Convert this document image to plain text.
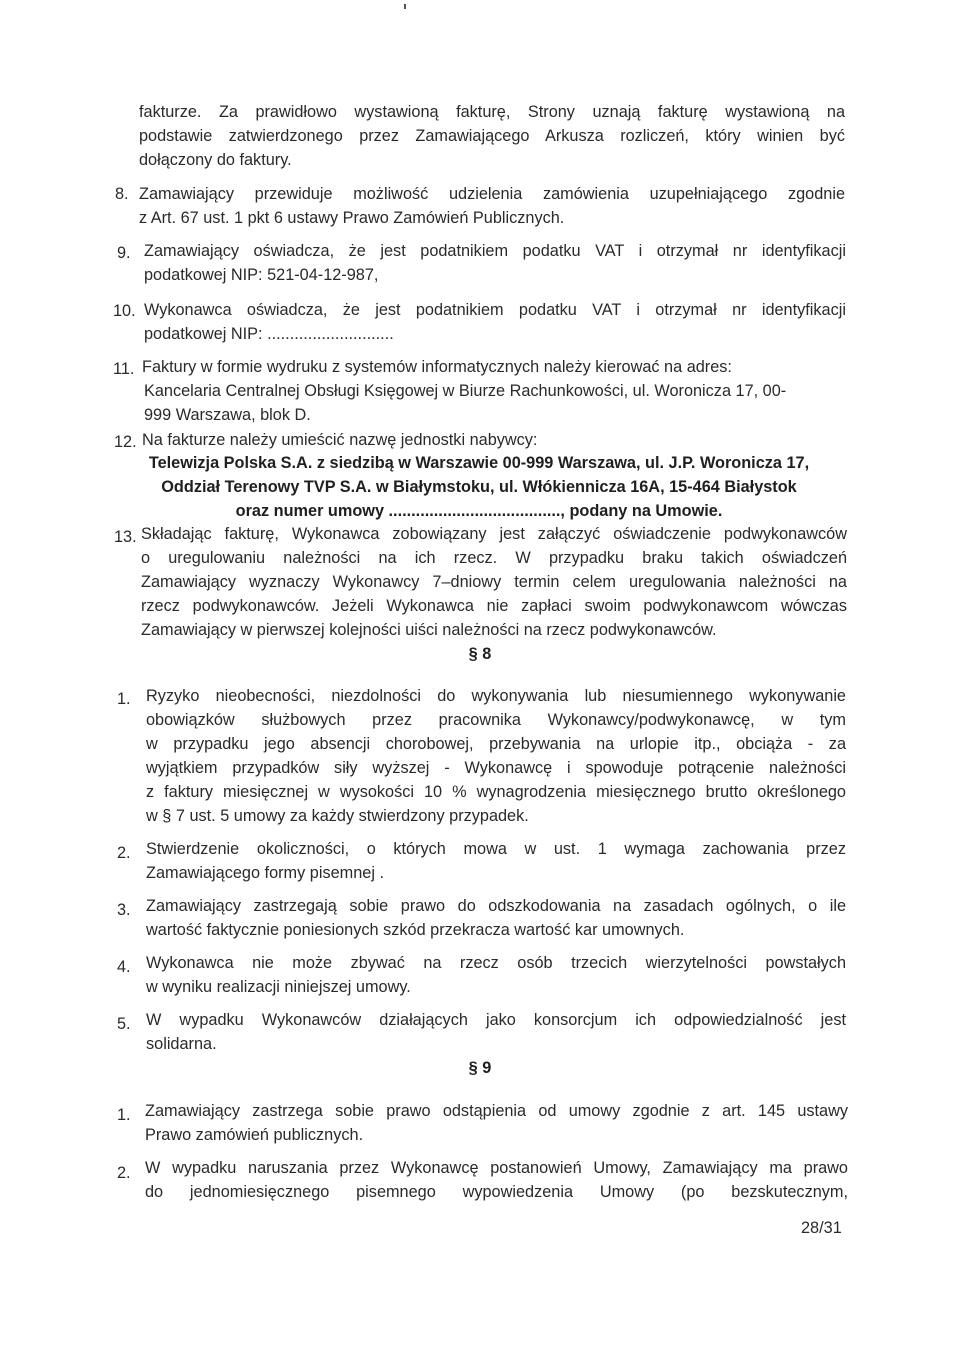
fakturze. Za prawidłowo wystawioną fakturę, Strony uznają fakturę wystawioną na
podstawie zatwierdzonego przez Zamawiającego Arkusza rozliczeń, który winien być
dołączony do faktury.
8. Zamawiający przewiduje możliwość udzielenia zamówienia uzupełniającego zgodnie
z Art. 67 ust. 1 pkt 6 ustawy Prawo Zamówień Publicznych.
9. Zamawiający oświadcza, że jest podatnikiem podatku VAT i otrzymał nr identyfikacji
podatkowej NIP: 521-04-12-987,
10. Wykonawca oświadcza, że jest podatnikiem podatku VAT i otrzymał nr identyfikacji
podatkowej NIP: ............................
11. Faktury w formie wydruku z systemów informatycznych należy kierować na adres:
Kancelaria Centralnej Obsługi Księgowej w Biurze Rachunkowości, ul. Woronicza 17, 00-
999 Warszawa, blok D.
12. Na fakturze należy umieścić nazwę jednostki nabywcy:
Telewizja Polska S.A. z siedzibą w Warszawie 00-999 Warszawa, ul. J.P. Woronicza 17,
Oddział Terenowy TVP S.A. w Białymstoku, ul. Włókiennicza 16A, 15-464 Białystok
oraz numer umowy ......................................, podany na Umowie.
13. Składając fakturę, Wykonawca zobowiązany jest załączyć oświadczenie podwykonawców
o uregulowaniu należności na ich rzecz. W przypadku braku takich oświadczeń
Zamawiający wyznaczy Wykonawcy 7–dniowy termin celem uregulowania należności na
rzecz podwykonawców. Jeżeli Wykonawca nie zapłaci swoim podwykonawcom wówczas
Zamawiający w pierwszej kolejności uiści należności na rzecz podwykonawców.
§ 8
1. Ryzyko nieobecności, niezdolności do wykonywania lub niesumiennego wykonywanie
obowiązków służbowych przez pracownika Wykonawcy/podwykonawcę, w tym
w przypadku jego absencji chorobowej, przebywania na urlopie itp., obciąża - za
wyjątkiem przypadków siły wyższej - Wykonawcę i spowoduje potrącenie należności
z faktury miesięcznej w wysokości 10 % wynagrodzenia miesięcznego brutto określonego
w § 7 ust. 5 umowy za każdy stwierdzony przypadek.
2. Stwierdzenie okoliczności, o których mowa w ust. 1 wymaga zachowania przez
Zamawiającego formy pisemnej .
3. Zamawiający zastrzegają sobie prawo do odszkodowania na zasadach ogólnych, o ile
wartość faktycznie poniesionych szkód przekracza wartość kar umownych.
4. Wykonawca nie może zbywać na rzecz osób trzecich wierzytelności powstałych
w wyniku realizacji niniejszej umowy.
5. W wypadku Wykonawców działających jako konsorcjum ich odpowiedzialność jest
solidarna.
§ 9
1. Zamawiający zastrzega sobie prawo odstąpienia od umowy zgodnie z art. 145 ustawy
Prawo zamówień publicznych.
2. W wypadku naruszania przez Wykonawcę postanowień Umowy, Zamawiający ma prawo
do jednomiesięcznego pisemnego wypowiedzenia Umowy (po bezskutecznym,
28/31
